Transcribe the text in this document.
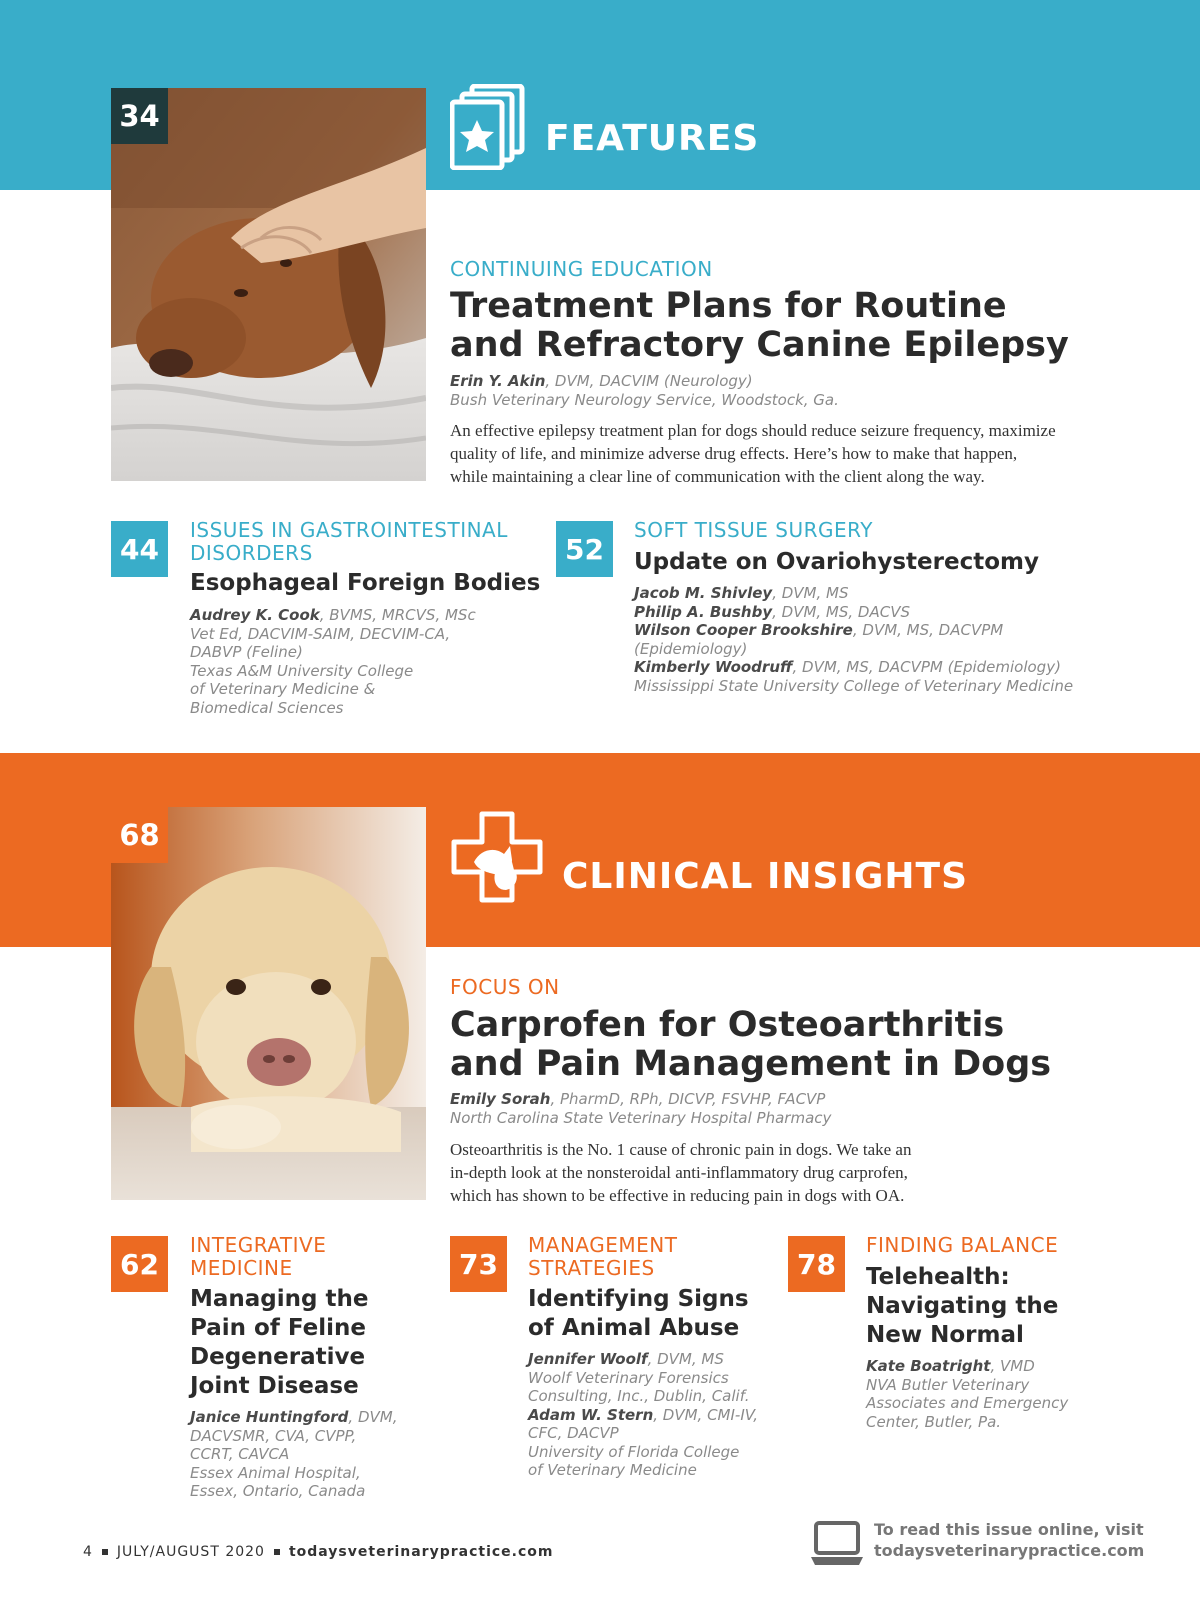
34
FEATURES
CONTINUING EDUCATION
Treatment Plans for Routine
and Refractory Canine Epilepsy
Erin Y. Akin, DVM, DACVIM (Neurology)
Bush Veterinary Neurology Service, Woodstock, Ga.
An effective epilepsy treatment plan for dogs should reduce seizure frequency, maximize
quality of life, and minimize adverse drug effects. Here’s how to make that happen,
while maintaining a clear line of communication with the client along the way.
44
ISSUES IN GASTROINTESTINAL
DISORDERS
Esophageal Foreign Bodies
Audrey K. Cook, BVMS, MRCVS, MSc
Vet Ed, DACVIM-SAIM, DECVIM-CA,
DABVP (Feline)
Texas A&M University College
of Veterinary Medicine &
Biomedical Sciences
52
SOFT TISSUE SURGERY
Update on Ovariohysterectomy
Jacob M. Shivley, DVM, MS
Philip A. Bushby, DVM, MS, DACVS
Wilson Cooper Brookshire, DVM, MS, DACVPM
(Epidemiology)
Kimberly Woodruff, DVM, MS, DACVPM (Epidemiology)
Mississippi State University College of Veterinary Medicine
68
CLINICAL INSIGHTS
FOCUS ON
Carprofen for Osteoarthritis
and Pain Management in Dogs
Emily Sorah, PharmD, RPh, DICVP, FSVHP, FACVP
North Carolina State Veterinary Hospital Pharmacy
Osteoarthritis is the No. 1 cause of chronic pain in dogs. We take an
in-depth look at the nonsteroidal anti-inflammatory drug carprofen,
which has shown to be effective in reducing pain in dogs with OA.
62
INTEGRATIVE
MEDICINE
Managing the
Pain of Feline
Degenerative
Joint Disease
Janice Huntingford, DVM,
DACVSMR, CVA, CVPP,
CCRT, CAVCA
Essex Animal Hospital,
Essex, Ontario, Canada
73
MANAGEMENT
STRATEGIES
Identifying Signs
of Animal Abuse
Jennifer Woolf, DVM, MS
Woolf Veterinary Forensics
Consulting, Inc., Dublin, Calif.
Adam W. Stern, DVM, CMI-IV,
CFC, DACVP
University of Florida College
of Veterinary Medicine
78
FINDING BALANCE
Telehealth:
Navigating the
New Normal
Kate Boatright, VMD
NVA Butler Veterinary
Associates and Emergency
Center, Butler, Pa.
4 JULY/AUGUST 2020 todaysveterinarypractice.com
To read this issue online, visit
todaysveterinarypractice.com
